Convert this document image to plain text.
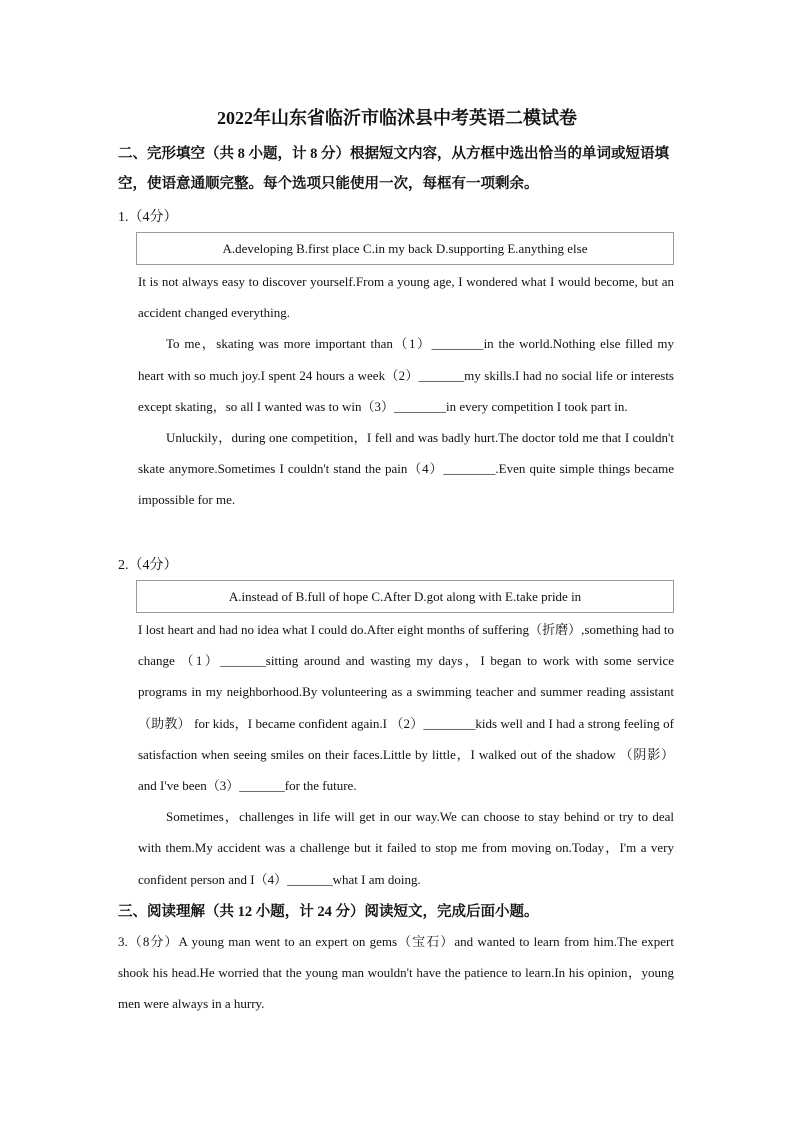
2022年山东省临沂市临沭县中考英语二模试卷
二、完形填空（共 8 小题，计 8 分）根据短文内容，从方框中选出恰当的单词或短语填空，使语意通顺完整。每个选项只能使用一次，每框有一项剩余。
1.（4分）
A.developing B.first place C.in my back D.supporting E.anything else

It is not always easy to discover yourself.From a young age, I wondered what I would become, but an accident changed everything.

To me，skating was more important than（1）________in the world.Nothing else filled my heart with so much joy.I spent 24 hours a week（2）_______my skills.I had no social life or interests except skating，so all I wanted was to win（3）________in every competition I took part in.

Unluckily，during one competition，I fell and was badly hurt.The doctor told me that I couldn't skate anymore.Sometimes I couldn't stand the pain（4）________.Even quite simple things became impossible for me.

2.（4分）
A.instead of B.full of hope C.After D.got along with E.take pride in

I lost heart and had no idea what I could do.After eight months of suffering（折磨）,something had to change （1）_______sitting around and wasting my days，I began to work with some service programs in my neighborhood.By volunteering as a swimming teacher and summer reading assistant（助教） for kids，I became confident again.I （2）________kids well and I had a strong feeling of satisfaction when seeing smiles on their faces.Little by little，I walked out of the shadow （阴影）and I've been（3）_______for the future.

Sometimes，challenges in life will get in our way.We can choose to stay behind or try to deal with them.My accident was a challenge but it failed to stop me from moving on.Today，I'm a very confident person and I（4）_______what I am doing.

三、阅读理解（共 12 小题，计 24 分）阅读短文，完成后面小题。

3.（8分）A young man went to an expert on gems（宝石）and wanted to learn from him.The expert shook his head.He worried that the young man wouldn't have the patience to learn.In his opinion，young men were always in a hurry.
